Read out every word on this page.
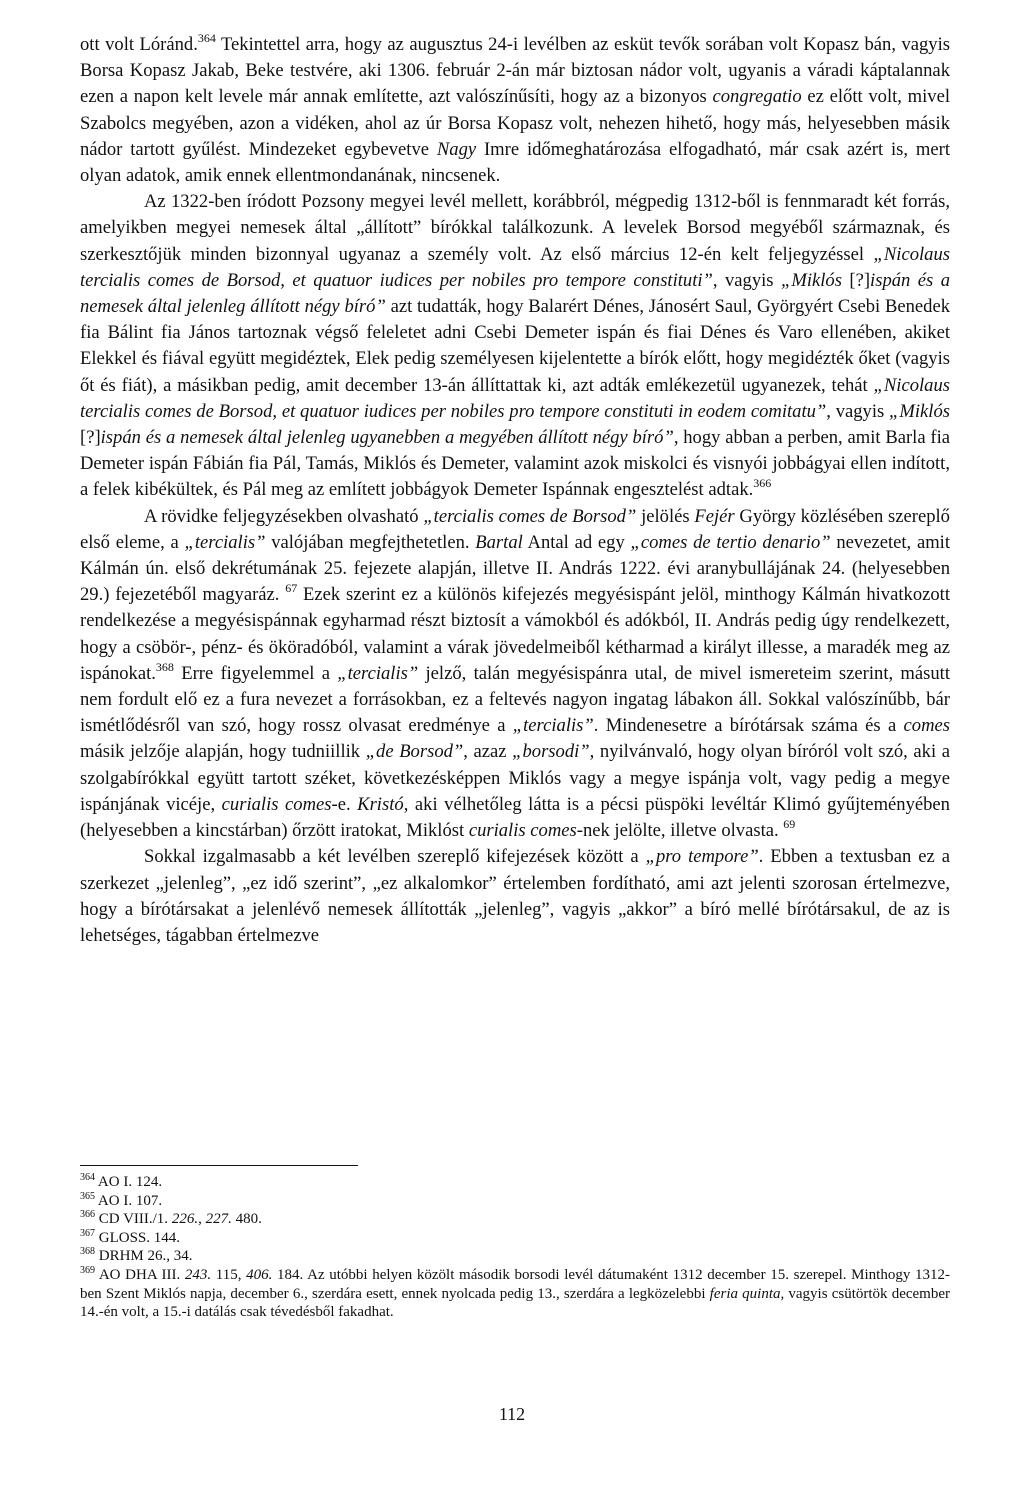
ott volt Lóránd.$^{364}$ Tekintettel arra, hogy az augusztus 24-i levélben az esküt tevők sorában volt Kopasz bán, vagyis Borsa Kopasz Jakab, Beke testvére, aki 1306. február 2-án már biztosan nádor volt, ugyanis a váradi káptalannak ezen a napon kelt levele már annak említette, azt valószínűsíti, hogy az a bizonyos congregatio ez előtt volt, mivel Szabolcs megyében, azon a vidéken, ahol az úr Borsa Kopasz volt, nehezen hihető, hogy más, helyesebben másik nádor tartott gyűlést. Mindezeket egybevetve Nagy Imre időmeghatározása elfogadható, már csak azért is, mert olyan adatok, amik ennek ellentmondanának, nincsenek.

Az 1322-ben íródott Pozsony megyei levél mellett, korábbról, mégpedig 1312-ből is fennmaradt két forrás, amelyikben megyei nemesek által „állított” bírókkal találkozunk. A levelek Borsod megyéből származnak, és szerkesztőjük minden bizonnyal ugyanaz a személy volt. Az első március 12-én kelt feljegyzéssel „Nicolaus tercialis comes de Borsod, et quatuor iudices per nobiles pro tempore constituti”, vagyis „Miklós [?]ispán és a nemesek által jelenleg állított négy bíró” azt tudatták, hogy Balarért Dénes, Jánosért Saul, Györgyért Csebi Benedek fia Bálint fia János tartoznak végső feleletet adni Csebi Demeter ispán és fiai Dénes és Varo ellenében, akiket Elekkel és fiával együtt megidéztek, Elek pedig személyesen kijelentette a bírók előtt, hogy megidézték őket (vagyis őt és fiát), a másikban pedig, amit december 13-án állíttattak ki, azt adták emlékezetül ugyanezek, tehát „Nicolaus tercialis comes de Borsod, et quatuor iudices per nobiles pro tempore constituti in eodem comitatu”, vagyis „Miklós [?]ispán és a nemesek által jelenleg ugyanebben a megyében állított négy bíró”, hogy abban a perben, amit Barla fia Demeter ispán Fábián fia Pál, Tamás, Miklós és Demeter, valamint azok miskolci és visnyói jobbágyai ellen indított, a felek kibékültek, és Pál meg az említett jobbágyok Demeter Ispánnak engesztelést adtak.$^{366}$

A rövidke feljegyzésekben olvasható „tercialis comes de Borsod” jelölés Fejér György közlésében szereplő első eleme, a „tercialis” valójában megfejthetetlen. Bartal Antal ad egy „comes de tertio denario” nevezetet, amit Kálmán ún. első dekrétumának 25. fejezete alapján, illetve II. András 1222. évi aranybullájának 24. (helyesebben 29.) fejezetéből magyaráz. $^{67}$ Ezek szerint ez a különös kifejezés megyésispánt jelöl, minthogy Kálmán hivatkozott rendelkezése a megyésispánnak egyharmad részt biztosít a vámokból és adókból, II. András pedig úgy rendelkezett, hogy a csöbör-, pénz- és ököradóból, valamint a várak jövedelmeiből kétharmad a királyt illesse, a maradék meg az ispánokat.$^{368}$ Erre figyelemmel a „tercialis” jelző, talán megyésispánra utal, de mivel ismereteim szerint, másutt nem fordult elő ez a fura nevezet a forrásokban, ez a feltevés nagyon ingatag lábakon áll. Sokkal valószínűbb, bár ismétlődésről van szó, hogy rossz olvasat eredménye a „tercialis”. Mindenesetre a bírótársak száma és a comes másik jelzője alapján, hogy tudniillik „de Borsod”, azaz „borsodi”, nyilvánvaló, hogy olyan bíróról volt szó, aki a szolgabírókkal együtt tartott széket, következésképpen Miklós vagy a megye ispánja volt, vagy pedig a megye ispánjának vicéje, curialis comes-e. Kristó, aki vélhetőleg látta is a pécsi püspöki levéltár Klimó gyűjteményében (helyesebben a kincstárban) őrzött iratokat, Miklóst curialis comes-nek jelölte, illetve olvasta. $^{69}$

Sokkal izgalmasabb a két levélben szereplő kifejezések között a „pro tempore”. Ebben a textusban ez a szerkezet „jelenleg”, „ez idő szerint”, „ez alkalomkor” értelemben fordítható, ami azt jelenti szorosan értelmezve, hogy a bírótársakat a jelenlévő nemesek állították „jelenleg”, vagyis „akkor” a bíró mellé bírótársakul, de az is lehetséges, tágabban értelmezve

$^{364}$ AO I. 124.

$^{365}$ AO I. 107.

$^{366}$ CD VIII./1. 226., 227. 480.

$^{367}$ GLOSS. 144.

$^{368}$ DRHM 26., 34.

$^{369}$ AO DHA III. 243. 115, 406. 184. Az utóbbi helyen közölt második borsodi levél dátumaként 1312 december 15. szerepel. Minthogy 1312-ben Szent Miklós napja, december 6., szerdára esett, ennek nyolcada pedig 13., szerdára a legközelebbi feria quinta, vagyis csütörtök december 14.-én volt, a 15.-i datálás csak tévedésből fakadhat.

112
